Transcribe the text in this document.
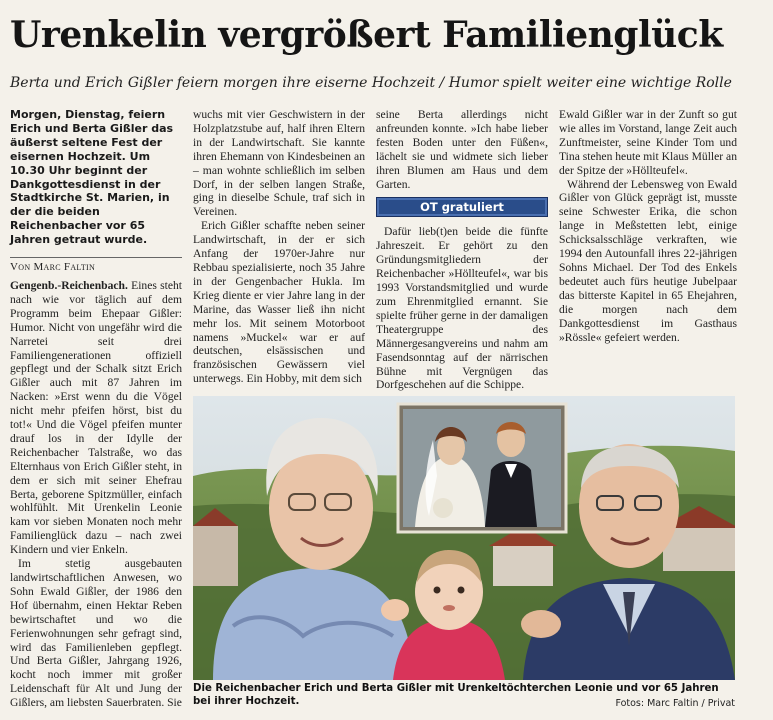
Urenkelin vergrößert Familienglück
Berta und Erich Gißler feiern morgen ihre eiserne Hochzeit / Humor spielt weiter eine wichtige Rolle

Morgen, Dienstag, feiern Erich und Berta Gißler das äußerst seltene Fest der eisernen Hochzeit. Um 10.30 Uhr beginnt der Dankgottesdienst in der Stadtkirche St. Marien, in der die beiden Reichenbacher vor 65 Jahren getraut wurde.

Von Marc Faltin

Gengenb.-Reichenbach. Eines steht nach wie vor täglich auf dem Programm beim Ehepaar Gißler: Humor. Nicht von ungefähr wird die Narretei seit drei Familiengenerationen offiziell gepflegt und der Schalk sitzt Erich Gißler auch mit 87 Jahren im Nacken: »Erst wenn du die Vögel nicht mehr pfeifen hörst, bist du tot!« Und die Vögel pfeifen munter drauf los in der Idylle der Reichenbacher Talstraße, wo das Elternhaus von Erich Gißler steht, in dem er sich mit seiner Ehefrau Berta, geborene Spitzmüller, einfach wohlfühlt. Mit Urenkelin Leonie kam vor sieben Monaten noch mehr Familienglück dazu – nach zwei Kindern und vier Enkeln.

Im stetig ausgebauten landwirtschaftlichen Anwesen, wo Sohn Ewald Gißler, der 1986 den Hof übernahm, einen Hektar Reben bewirtschaftet und wo die Ferienwohnungen sehr gefragt sind, wird das Familienleben gepflegt. Und Berta Gißler, Jahrgang 1926, kocht noch immer mit großer Leidenschaft für Alt und Jung der Gißlers, am liebsten Sauerbraten. Sie

wuchs mit vier Geschwistern in der Holzplatzstube auf, half ihren Eltern in der Landwirtschaft. Sie kannte ihren Ehemann von Kindesbeinen an – man wohnte schließlich im selben Dorf, in der selben langen Straße, ging in dieselbe Schule, traf sich in Vereinen.

Erich Gißler schaffte neben seiner Landwirtschaft, in der er sich Anfang der 1970er-Jahre nur Rebbau spezialisierte, noch 35 Jahre in der Gengenbacher Hukla. Im Krieg diente er vier Jahre lang in der Marine, das Wasser ließ ihn nicht mehr los. Mit seinem Motorboot namens »Muckel« war er auf deutschen, elsässischen und französischen Gewässern viel unterwegs. Ein Hobby, mit dem sich

seine Berta allerdings nicht anfreunden konnte. »Ich habe lieber festen Boden unter den Füßen«, lächelt sie und widmete sich lieber ihren Blumen am Haus und dem Garten.

OT gratuliert

Dafür lieb(t)en beide die fünfte Jahreszeit. Er gehört zu den Gründungsmitgliedern der Reichenbacher »Höllteufel«, war bis 1993 Vorstandsmitglied und wurde zum Ehrenmitglied ernannt. Sie spielte früher gerne in der damaligen Theatergruppe des Männergesangvereins und nahm am Fasendsonntag auf der närrischen Bühne mit Vergnügen das Dorfgeschehen auf die Schippe.

Ewald Gißler war in der Zunft so gut wie alles im Vorstand, lange Zeit auch Zunftmeister, seine Kinder Tom und Tina stehen heute mit Klaus Müller an der Spitze der »Höllteufel«.

Während der Lebensweg von Ewald Gißler von Glück geprägt ist, musste seine Schwester Erika, die schon lange in Meßstetten lebt, einige Schicksalsschläge verkraften, wie 1994 den Autounfall ihres 22-jährigen Sohns Michael. Der Tod des Enkels bedeutet auch fürs heutige Jubelpaar das bitterste Kapitel in 65 Ehejahren, die morgen nach dem Dankgottesdienst im Gasthaus »Rössle« gefeiert werden.

Die Reichenbacher Erich und Berta Gißler mit Urenkeltöchterchen Leonie und vor 65 Jahren bei ihrer Hochzeit.	Fotos: Marc Faltin / Privat
